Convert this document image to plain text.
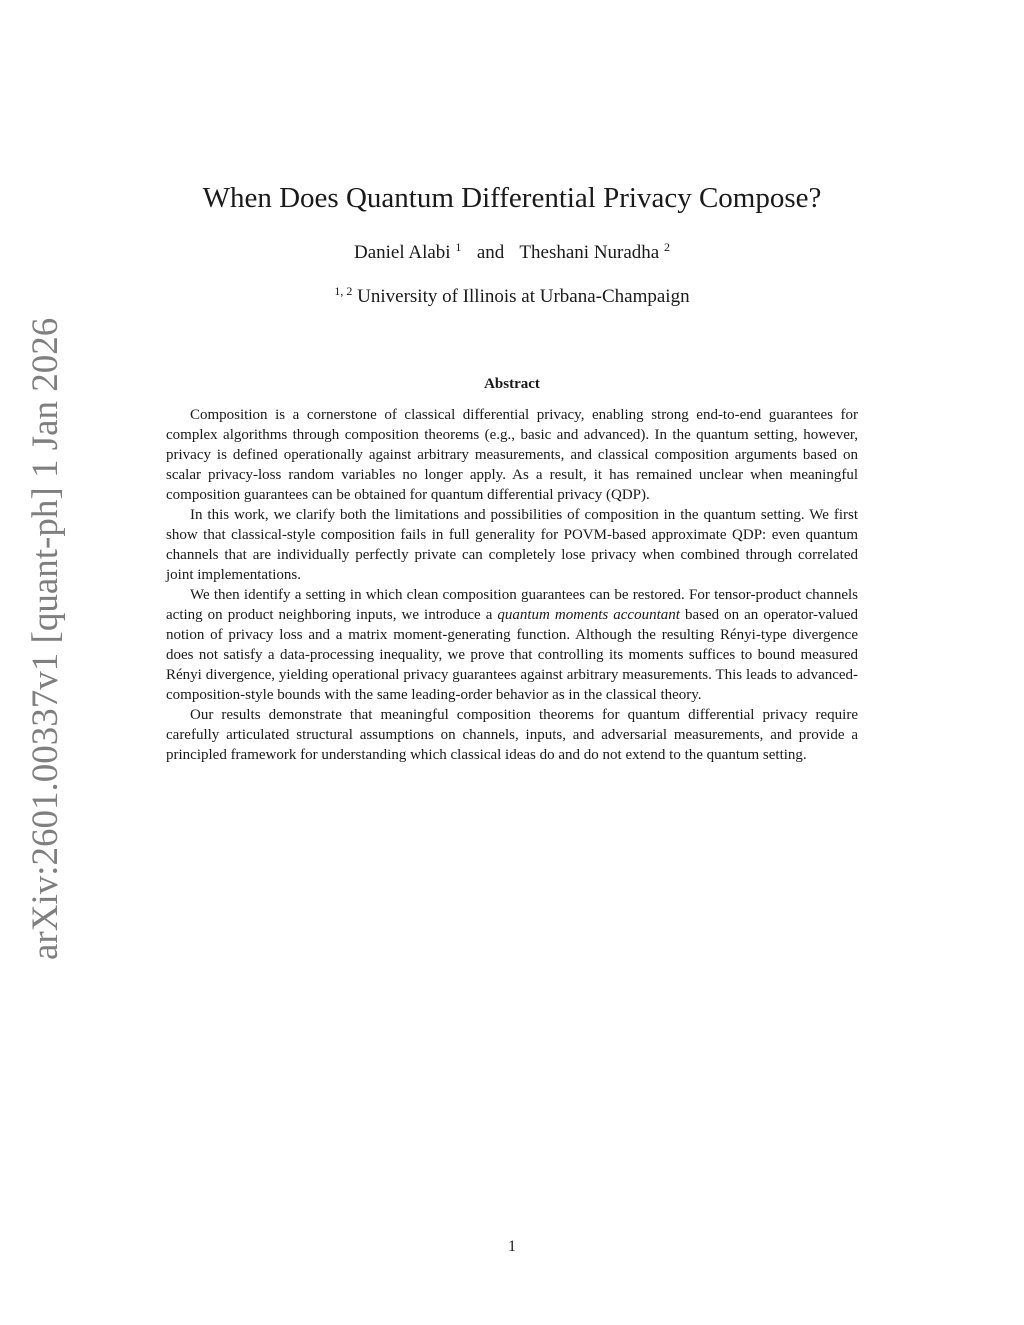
arXiv:2601.00337v1 [quant-ph] 1 Jan 2026
When Does Quantum Differential Privacy Compose?
Daniel Alabi $^1$ and Theshani Nuradha $^2$
$^{1, 2}$ University of Illinois at Urbana-Champaign
Abstract

Composition is a cornerstone of classical differential privacy, enabling strong end-to-end guarantees for complex algorithms through composition theorems (e.g., basic and advanced). In the quantum setting, however, privacy is defined operationally against arbitrary measurements, and classical composition arguments based on scalar privacy-loss random variables no longer apply. As a result, it has remained unclear when meaningful composition guarantees can be obtained for quantum differential privacy (QDP).

In this work, we clarify both the limitations and possibilities of composition in the quantum setting. We first show that classical-style composition fails in full generality for POVM-based approximate QDP: even quantum channels that are individually perfectly private can completely lose privacy when combined through correlated joint implementations.

We then identify a setting in which clean composition guarantees can be restored. For tensor-product channels acting on product neighboring inputs, we introduce a quantum moments accountant based on an operator-valued notion of privacy loss and a matrix moment-generating function. Although the resulting Rényi-type divergence does not satisfy a data-processing inequality, we prove that controlling its moments suffices to bound measured Rényi divergence, yielding operational privacy guarantees against arbitrary measurements. This leads to advanced-composition-style bounds with the same leading-order behavior as in the classical theory.

Our results demonstrate that meaningful composition theorems for quantum differential privacy require carefully articulated structural assumptions on channels, inputs, and adversarial measurements, and provide a principled framework for understanding which classical ideas do and do not extend to the quantum setting.

1
